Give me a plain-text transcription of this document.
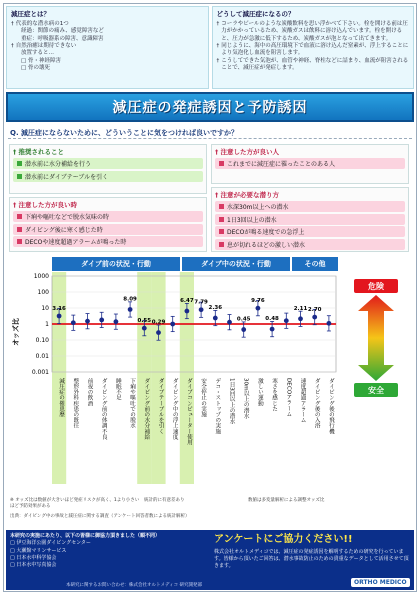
減圧症とは？
† 代表的な潜水病の1つ
経過：関節の痛み、感覚障害など
重症：呼吸器系の障害、意識障害
† 自然治癒は期待できない
放置すると…
□ 骨・神経障害
□ 骨の壊死
どうして減圧症になるの？
† コーラやビールのような炭酸飲料を思い浮かべて下さい。栓を開ける前は圧力がかかっているため、炭酸ガスは飲料に溶け込んでいます。栓を開けると、圧力が急激に低下するため、炭酸ガスが泡となって出てきます。
† 同じように、海中の高圧環境下で血液に溶け込んだ窒素が、浮上することにより気泡化し血流を阻害します。
† こうしてできた気泡が、血管や神経、脊柱などに詰まり、血流が阻害されることで、減圧症が発症します。
減圧症の発症誘因と予防誘因
Q. 減圧症にならないために、どういうことに気をつければ良いですか？
† 推奨されること
潜水前に水分補給を行う
潜水前にダイブテーブルを引く
† 注意した方が良い人
これまでに減圧症に罹ったことのある人
† 注意した方が良い時
下痢や嘔吐などで脱水気味の時
ダイビング後に寒く感じた時
DECOや速度超過アラームが鳴った時
† 注意が必要な潜り方
水深30m以上への潜水
1日3回以上の潜水
DECOが鳴る速度での急浮上
息が切れるほどの激しい潜水
ダイブ前の状況・行動	ダイブ中の状況・行動	その他
1000
100
10
1
0.10
0.01
0.001
オッズ比
3.16
減圧症の罹患歴 整形外科疾患の既往 前夜の飲酒 ダイビング前の体調不良 睡眠不足
8.09
下痢や嘔吐での脱水
0.55
ダイビング前の水分補給
0.29
ダイブテーブルを引く ダイビング中の浮上速度
6.47
ダイブコンピューター使用
7.79
安全停止の実施
2.36
デコ・ストップの実施 1日3回以上の潜水
0.45
30m以上の潜水
9.76
激しい運動
0.48
寒さを感じた DECOアラーム
2.11
速度超過アラーム
2.70
ダイビング後の入浴 ダイビング後の飛行機
危険
安全
※ オッズ比は数値が大きいほど発症リスクが高く、1より小さいほど予防効果がある
統計的に有意差あり	数値は多変量解析による調整オッズ比
出典：ダイビング中の事故と減圧症に関する調査（アンケート回答者数による統計解析）
本研究の実施にあたり、以下の皆様に御協力頂きました（順不同）
□ 伊豆海洋公園ダイビングセンター
□ 大瀬館マリンサービス
□ 日本水中科学協会
□ 日本水中写真協会
アンケートにご協力ください!!
株式会社オルトメディコでは、減圧症の発症誘因を解明するための研究を行っています。皆様から頂いたご回答は、潜水事故防止のための貴重なデータとして活用させて頂きます。
本研究に関するお問い合わせ：株式会社オルトメディコ 研究開発部	ORTHO MEDICO
